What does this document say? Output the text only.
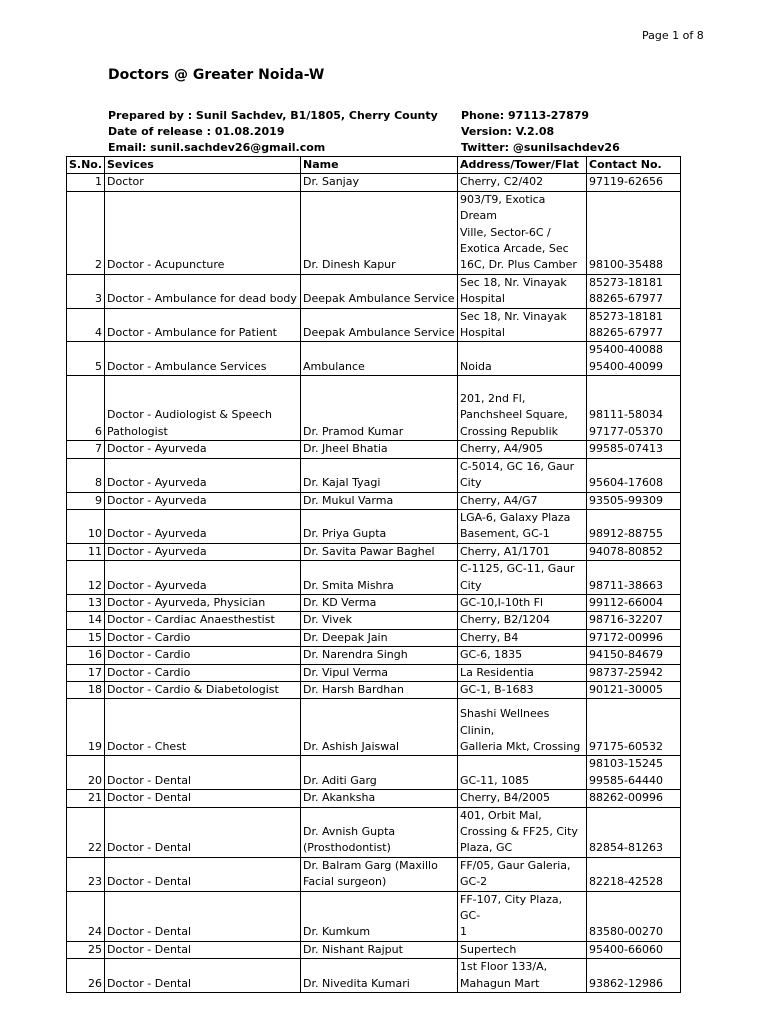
Page 1 of 8
Doctors @ Greater Noida-W
Prepared by : Sunil Sachdev, B1/1805, Cherry County
Date of release : 01.08.2019
Email: sunil.sachdev26@gmail.com
Phone: 97113-27879
Version: V.2.08
Twitter: @sunilsachdev26
S.No.	Sevices	Name	Address/Tower/Flat	Contact No.
1	Doctor	Dr. Sanjay	Cherry, C2/402	97119-62656
2	Doctor - Acupuncture	Dr. Dinesh Kapur	903/T9, Exotica Dream
Ville, Sector-6C /
Exotica Arcade, Sec
16C, Dr. Plus Camber	98100-35488
3	Doctor - Ambulance for dead body	Deepak Ambulance Service	Sec 18, Nr. Vinayak
Hospital	85273-18181
88265-67977
4	Doctor - Ambulance for Patient	Deepak Ambulance Service	Sec 18, Nr. Vinayak
Hospital	85273-18181
88265-67977
5	Doctor - Ambulance Services	Ambulance	Noida	95400-40088
95400-40099
6	Doctor - Audiologist & Speech
Pathologist	Dr. Pramod Kumar	201, 2nd Fl,
Panchsheel Square,
Crossing Republik	98111-58034
97177-05370
7	Doctor - Ayurveda	Dr. Jheel Bhatia	Cherry, A4/905	99585-07413
8	Doctor - Ayurveda	Dr. Kajal Tyagi	C-5014, GC 16, Gaur
City	95604-17608
9	Doctor - Ayurveda	Dr. Mukul Varma	Cherry, A4/G7	93505-99309
10	Doctor - Ayurveda	Dr. Priya Gupta	LGA-6, Galaxy Plaza
Basement, GC-1	98912-88755
11	Doctor - Ayurveda	Dr. Savita Pawar Baghel	Cherry, A1/1701	94078-80852
12	Doctor - Ayurveda	Dr. Smita Mishra	C-1125, GC-11, Gaur
City	98711-38663
13	Doctor - Ayurveda, Physician	Dr. KD Verma	GC-10,I-10th Fl	99112-66004
14	Doctor - Cardiac Anaesthestist	Dr. Vivek	Cherry, B2/1204	98716-32207
15	Doctor - Cardio	Dr. Deepak Jain	Cherry, B4	97172-00996
16	Doctor - Cardio	Dr. Narendra Singh	GC-6, 1835	94150-84679
17	Doctor - Cardio	Dr. Vipul Verma	La Residentia	98737-25942
18	Doctor - Cardio & Diabetologist	Dr. Harsh Bardhan	GC-1, B-1683	90121-30005
19	Doctor - Chest	Dr. Ashish Jaiswal	Shashi Wellnees Clinin,
Galleria Mkt, Crossing	97175-60532
20	Doctor - Dental	Dr. Aditi Garg	GC-11, 1085	98103-15245
99585-64440
21	Doctor - Dental	Dr. Akanksha	Cherry, B4/2005	88262-00996
22	Doctor - Dental	Dr. Avnish Gupta
(Prosthodontist)	401, Orbit Mal,
Crossing & FF25, City
Plaza, GC	82854-81263
23	Doctor - Dental	Dr. Balram Garg (Maxillo
Facial surgeon)	FF/05, Gaur Galeria,
GC-2	82218-42528
24	Doctor - Dental	Dr. Kumkum	FF-107, City Plaza, GC-
1	83580-00270
25	Doctor - Dental	Dr. Nishant Rajput	Supertech	95400-66060
26	Doctor - Dental	Dr. Nivedita Kumari	1st Floor 133/A,
Mahagun Mart	93862-12986
